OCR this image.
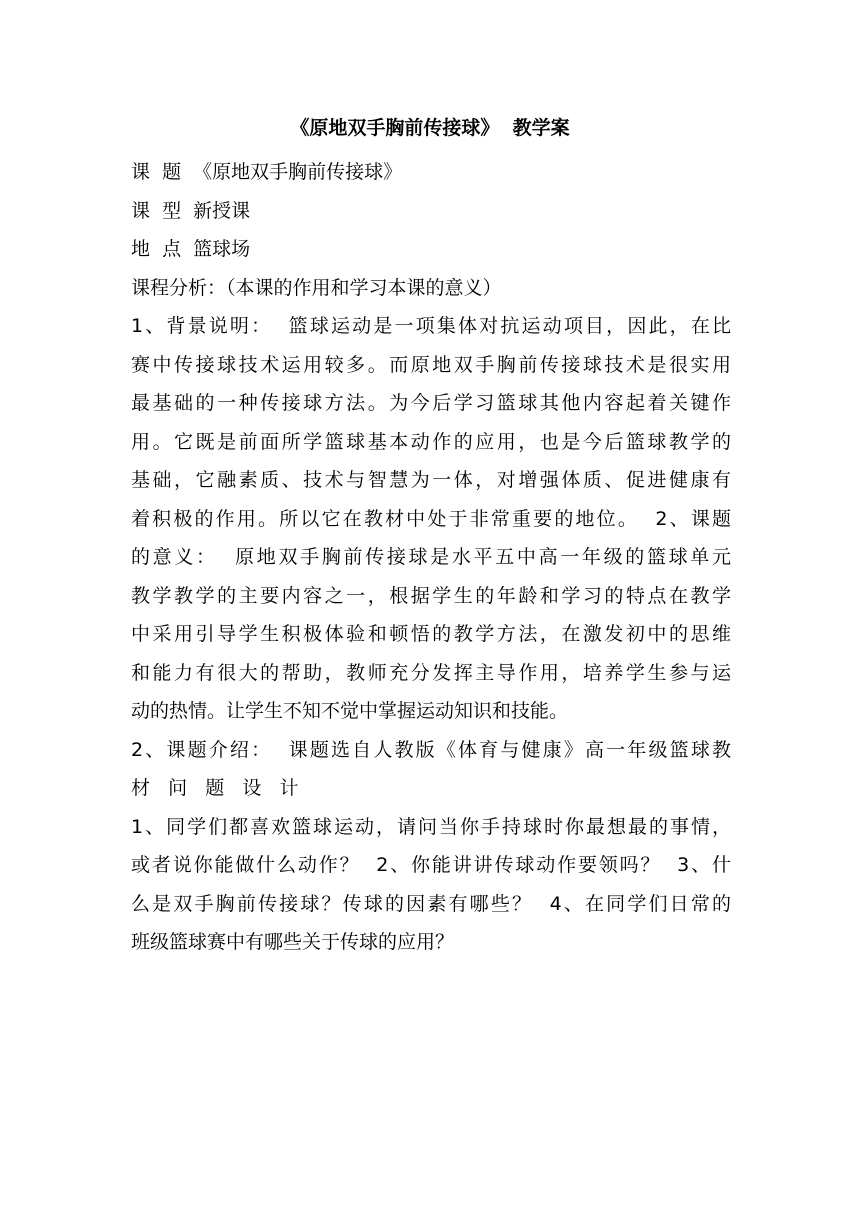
《原地双手胸前传接球》  教学案
课  题  《原地双手胸前传接球》
课  型  新授课
地  点  篮球场
课程分析：（本课的作用和学习本课的意义）
1、背景说明：  篮球运动是一项集体对抗运动项目，因此，在比
赛中传接球技术运用较多。而原地双手胸前传接球技术是很实用
最基础的一种传接球方法。为今后学习篮球其他内容起着关键作
用。它既是前面所学篮球基本动作的应用，也是今后篮球教学的
基础，它融素质、技术与智慧为一体，对增强体质、促进健康有
着积极的作用。所以它在教材中处于非常重要的地位。  2、课题
的意义：  原地双手胸前传接球是水平五中高一年级的篮球单元
教学教学的主要内容之一，根据学生的年龄和学习的特点在教学
中采用引导学生积极体验和顿悟的教学方法，在激发初中的思维
和能力有很大的帮助，教师充分发挥主导作用，培养学生参与运
动的热情。让学生不知不觉中掌握运动知识和技能。
2、课题介绍：  课题选自人教版《体育与健康》高一年级篮球教
材   问   题   设   计
1、同学们都喜欢篮球运动，请问当你手持球时你最想最的事情，
或者说你能做什么动作？  2、你能讲讲传球动作要领吗？  3、什
么是双手胸前传接球？传球的因素有哪些？  4、在同学们日常的
班级篮球赛中有哪些关于传球的应用？
